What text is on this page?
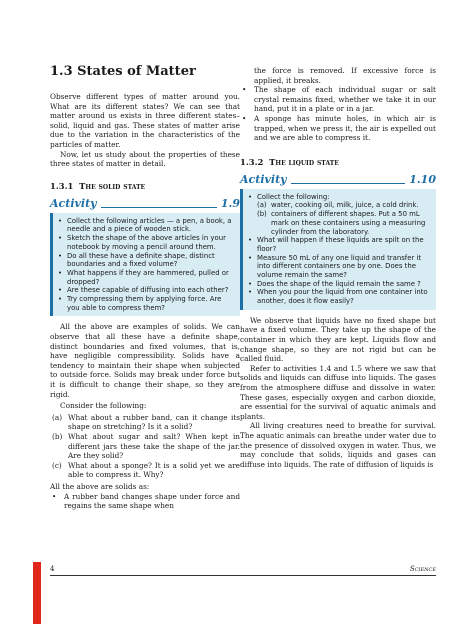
1.3 States of Matter

Observe different types of matter around you. What are its different states? We can see that matter around us exists in three different states– solid, liquid and gas. These states of matter arise due to the variation in the characteristics of the particles of matter.

Now, let us study about the properties of these three states of matter in detail.

1.3.1 The solid state
Activity	1.9
• Collect the following articles — a pen, a book, a needle and a piece of wooden stick.
• Sketch the shape of the above articles in your notebook by moving a pencil around them.
• Do all these have a definite shape, distinct boundaries and a fixed volume?
• What happens if they are hammered, pulled or dropped?
• Are these capable of diffusing into each other?
• Try compressing them by applying force. Are you able to compress them?

All the above are examples of solids. We can observe that all these have a definite shape, distinct boundaries and fixed volumes, that is, have negligible compressibility. Solids have a tendency to maintain their shape when subjected to outside force. Solids may break under force but it is difficult to change their shape, so they are rigid.

Consider the following:

(a) What about a rubber band, can it change its shape on stretching? Is it a solid?
(b) What about sugar and salt? When kept in different jars these take the shape of the jar. Are they solid?
(c) What about a sponge? It is a solid yet we are able to compress it. Why?

All the above are solids as:

• A rubber band changes shape under force and regains the same shape when

the force is removed. If excessive force is applied, it breaks.

• The shape of each individual sugar or salt crystal remains fixed, whether we take it in our hand, put it in a plate or in a jar.
• A sponge has minute holes, in which air is trapped, when we press it, the air is expelled out and we are able to compress it.
1.3.2 The liquid state
Activity	1.10
• Collect the following:
(a) water, cooking oil, milk, juice, a cold drink.
(b) containers of different shapes. Put a 50 mL mark on these containers using a measuring cylinder from the laboratory.
• What will happen if these liquids are spilt on the floor?
• Measure 50 mL of any one liquid and transfer it into different containers one by one. Does the volume remain the same?
• Does the shape of the liquid remain the same ?
• When you pour the liquid from one container into another, does it flow easily?

We observe that liquids have no fixed shape but have a fixed volume. They take up the shape of the container in which they are kept. Liquids flow and change shape, so they are not rigid but can be called fluid.

Refer to activities 1.4 and 1.5 where we saw that solids and liquids can diffuse into liquids. The gases from the atmosphere diffuse and dissolve in water. These gases, especially oxygen and carbon dioxide, are essential for the survival of aquatic animals and plants.

All living creatures need to breathe for survival. The aquatic animals can breathe under water due to the presence of dissolved oxygen in water. Thus, we may conclude that solids, liquids and gases can diffuse into liquids. The rate of diffusion of liquids is

4	Science
